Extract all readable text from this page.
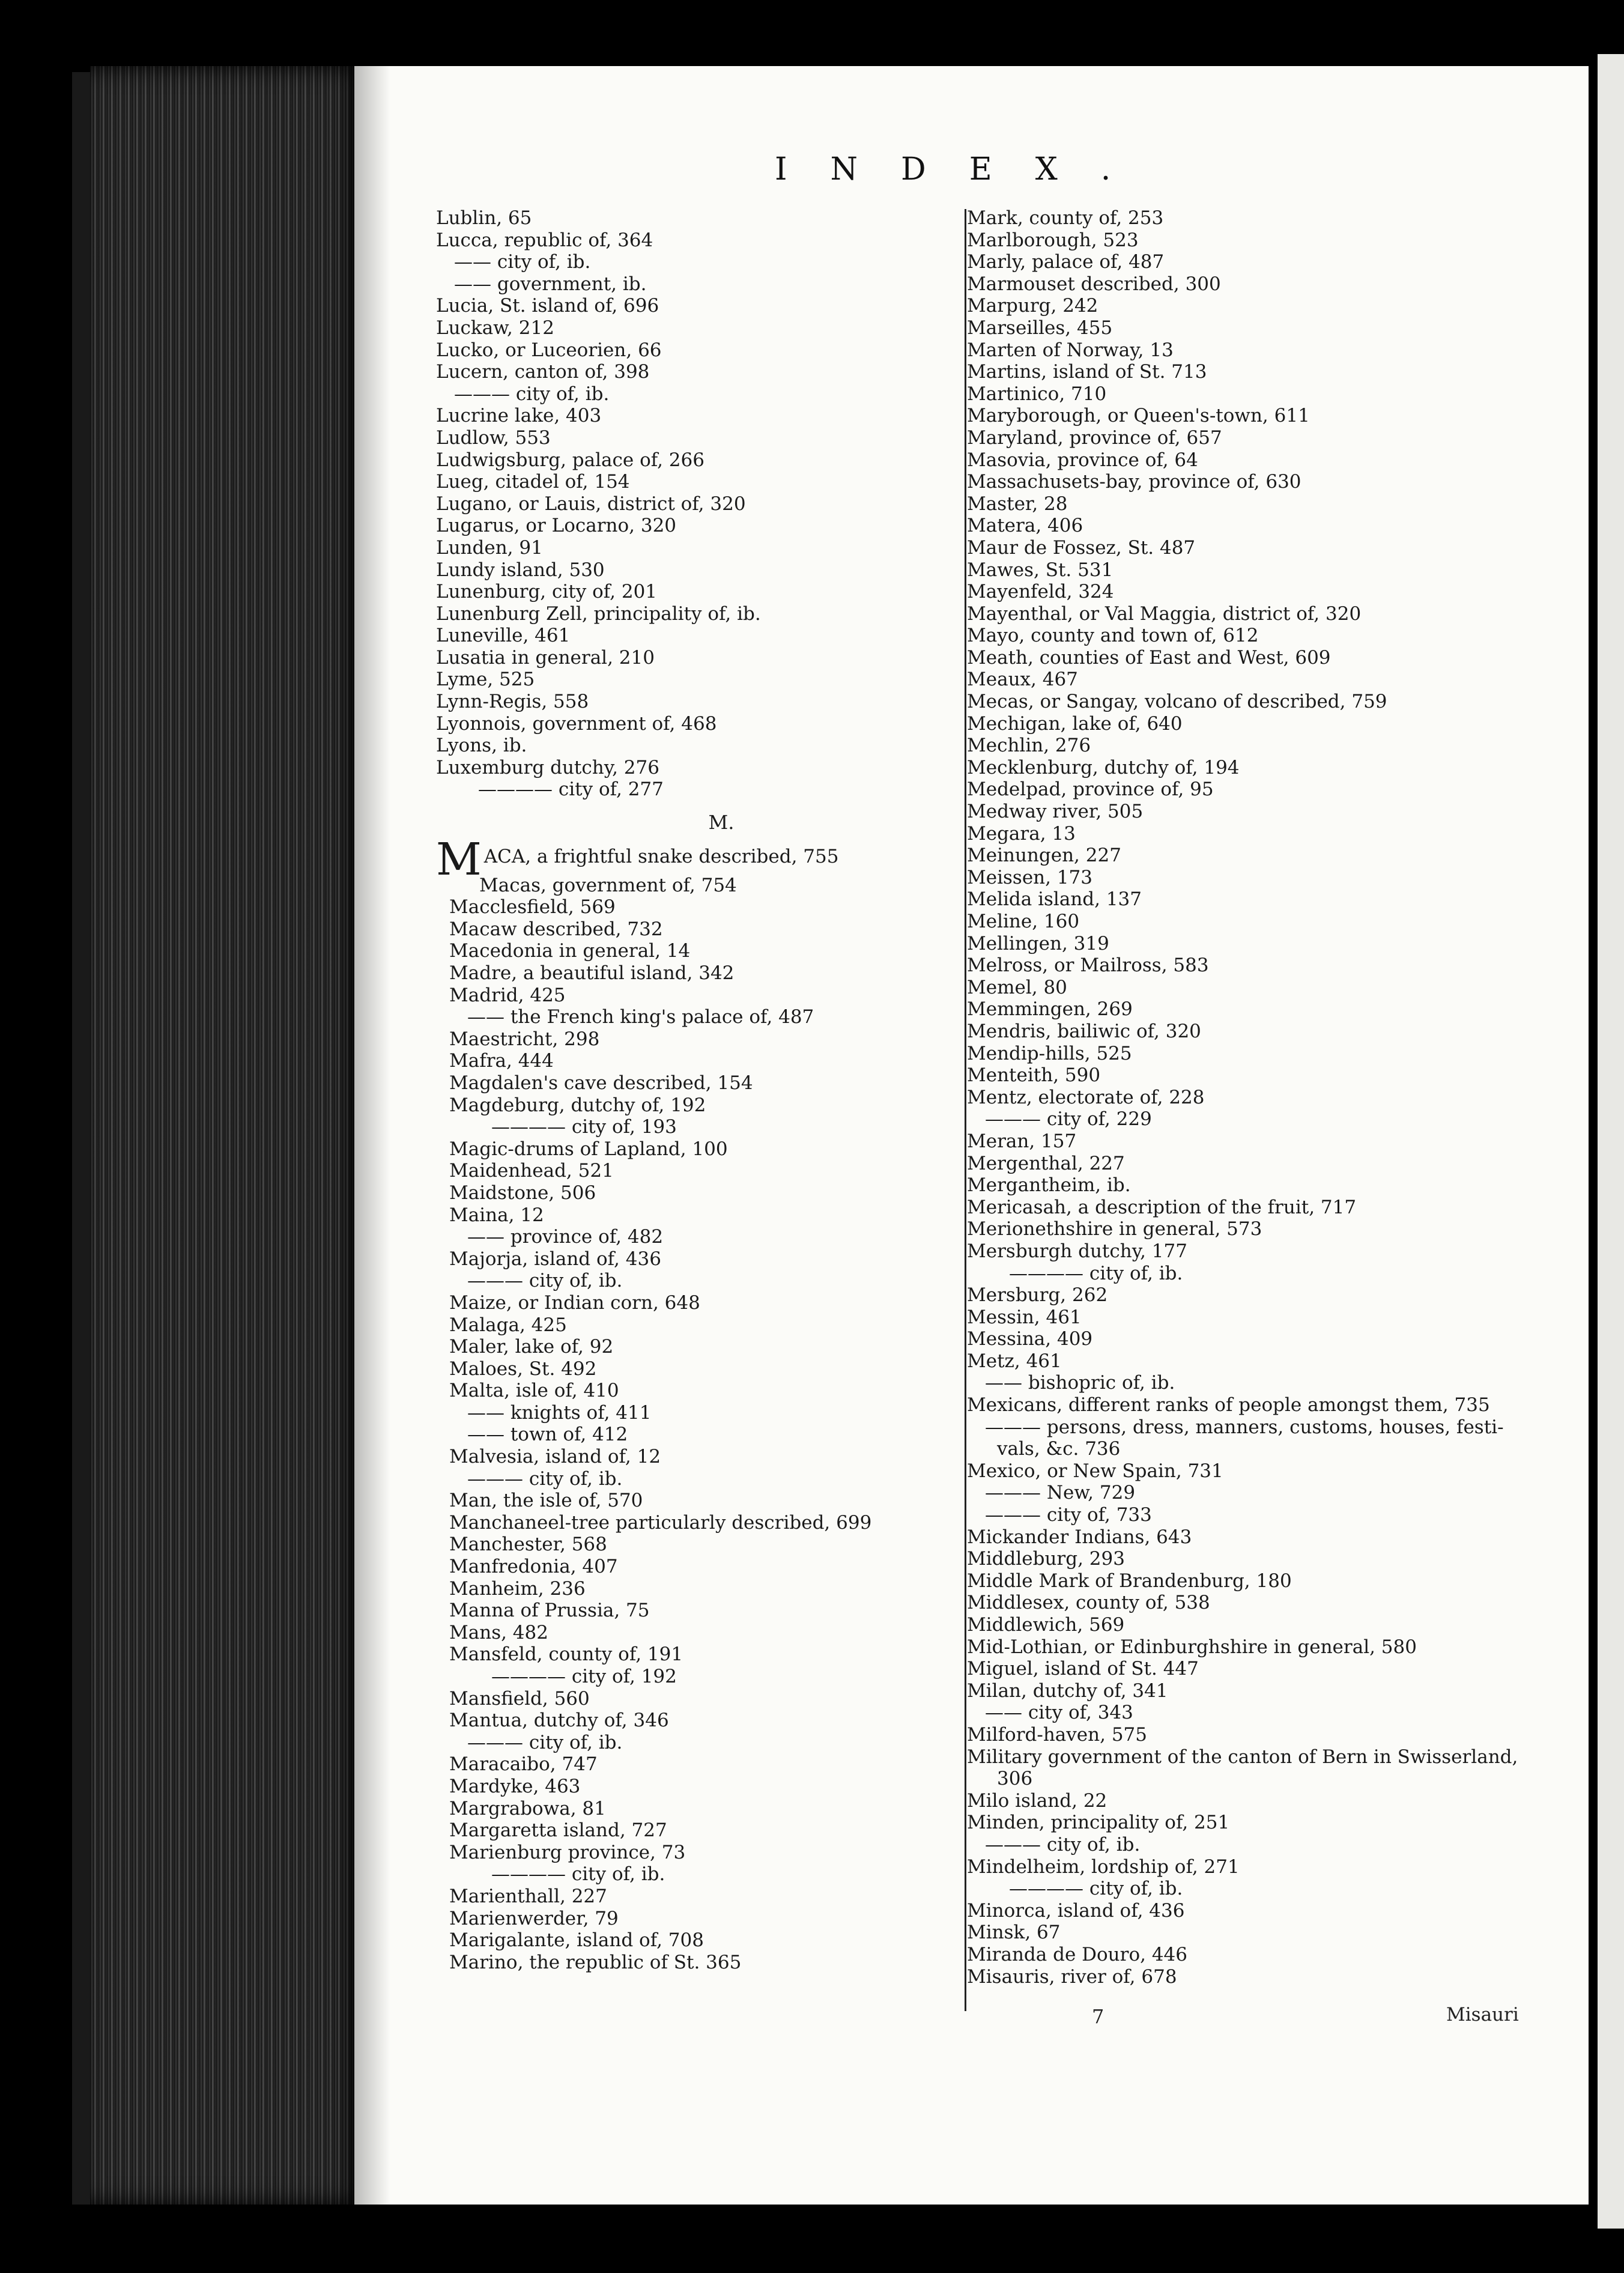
INDEX.
Lublin, 65
Lucca, republic of, 364
—— city of, ib.
—— government, ib.
Lucia, St. island of, 696
Luckaw, 212
Lucko, or Luceorien, 66
Lucern, canton of, 398
——— city of, ib.
Lucrine lake, 403
Ludlow, 553
Ludwigsburg, palace of, 266
Lueg, citadel of, 154
Lugano, or Lauis, district of, 320
Lugarus, or Locarno, 320
Lunden, 91
Lundy island, 530
Lunenburg, city of, 201
Lunenburg Zell, principality of, ib.
Luneville, 461
Lusatia in general, 210
Lyme, 525
Lynn-Regis, 558
Lyonnois, government of, 468
Lyons, ib.
Luxemburg dutchy, 276
———— city of, 277
M.
MACA, a frightful snake described, 755
Macas, government of, 754
Macclesfield, 569
Macaw described, 732
Macedonia in general, 14
Madre, a beautiful island, 342
Madrid, 425
—— the French king's palace of, 487
Maestricht, 298
Mafra, 444
Magdalen's cave described, 154
Magdeburg, dutchy of, 192
———— city of, 193
Magic-drums of Lapland, 100
Maidenhead, 521
Maidstone, 506
Maina, 12
—— province of, 482
Majorja, island of, 436
——— city of, ib.
Maize, or Indian corn, 648
Malaga, 425
Maler, lake of, 92
Maloes, St. 492
Malta, isle of, 410
—— knights of, 411
—— town of, 412
Malvesia, island of, 12
——— city of, ib.
Man, the isle of, 570
Manchaneel-tree particularly described, 699
Manchester, 568
Manfredonia, 407
Manheim, 236
Manna of Prussia, 75
Mans, 482
Mansfeld, county of, 191
———— city of, 192
Mansfield, 560
Mantua, dutchy of, 346
——— city of, ib.
Maracaibo, 747
Mardyke, 463
Margrabowa, 81
Margaretta island, 727
Marienburg province, 73
———— city of, ib.
Marienthall, 227
Marienwerder, 79
Marigalante, island of, 708
Marino, the republic of St. 365
Mark, county of, 253
Marlborough, 523
Marly, palace of, 487
Marmouset described, 300
Marpurg, 242
Marseilles, 455
Marten of Norway, 13
Martins, island of St. 713
Martinico, 710
Maryborough, or Queen's-town, 611
Maryland, province of, 657
Masovia, province of, 64
Massachusets-bay, province of, 630
Master, 28
Matera, 406
Maur de Fossez, St. 487
Mawes, St. 531
Mayenfeld, 324
Mayenthal, or Val Maggia, district of, 320
Mayo, county and town of, 612
Meath, counties of East and West, 609
Meaux, 467
Mecas, or Sangay, volcano of described, 759
Mechigan, lake of, 640
Mechlin, 276
Mecklenburg, dutchy of, 194
Medelpad, province of, 95
Medway river, 505
Megara, 13
Meinungen, 227
Meissen, 173
Melida island, 137
Meline, 160
Mellingen, 319
Melross, or Mailross, 583
Memel, 80
Memmingen, 269
Mendris, bailiwic of, 320
Mendip-hills, 525
Menteith, 590
Mentz, electorate of, 228
——— city of, 229
Meran, 157
Mergenthal, 227
Mergantheim, ib.
Mericasah, a description of the fruit, 717
Merionethshire in general, 573
Mersburgh dutchy, 177
———— city of, ib.
Mersburg, 262
Messin, 461
Messina, 409
Metz, 461
—— bishopric of, ib.
Mexicans, different ranks of people amongst them, 735
——— persons, dress, manners, customs, houses, festi-
vals, &c. 736
Mexico, or New Spain, 731
——— New, 729
——— city of, 733
Mickander Indians, 643
Middleburg, 293
Middle Mark of Brandenburg, 180
Middlesex, county of, 538
Middlewich, 569
Mid-Lothian, or Edinburghshire in general, 580
Miguel, island of St. 447
Milan, dutchy of, 341
—— city of, 343
Milford-haven, 575
Military government of the canton of Bern in Swisserland,
306
Milo island, 22
Minden, principality of, 251
——— city of, ib.
Mindelheim, lordship of, 271
———— city of, ib.
Minorca, island of, 436
Minsk, 67
Miranda de Douro, 446
Misauris, river of, 678
7	Misauri
